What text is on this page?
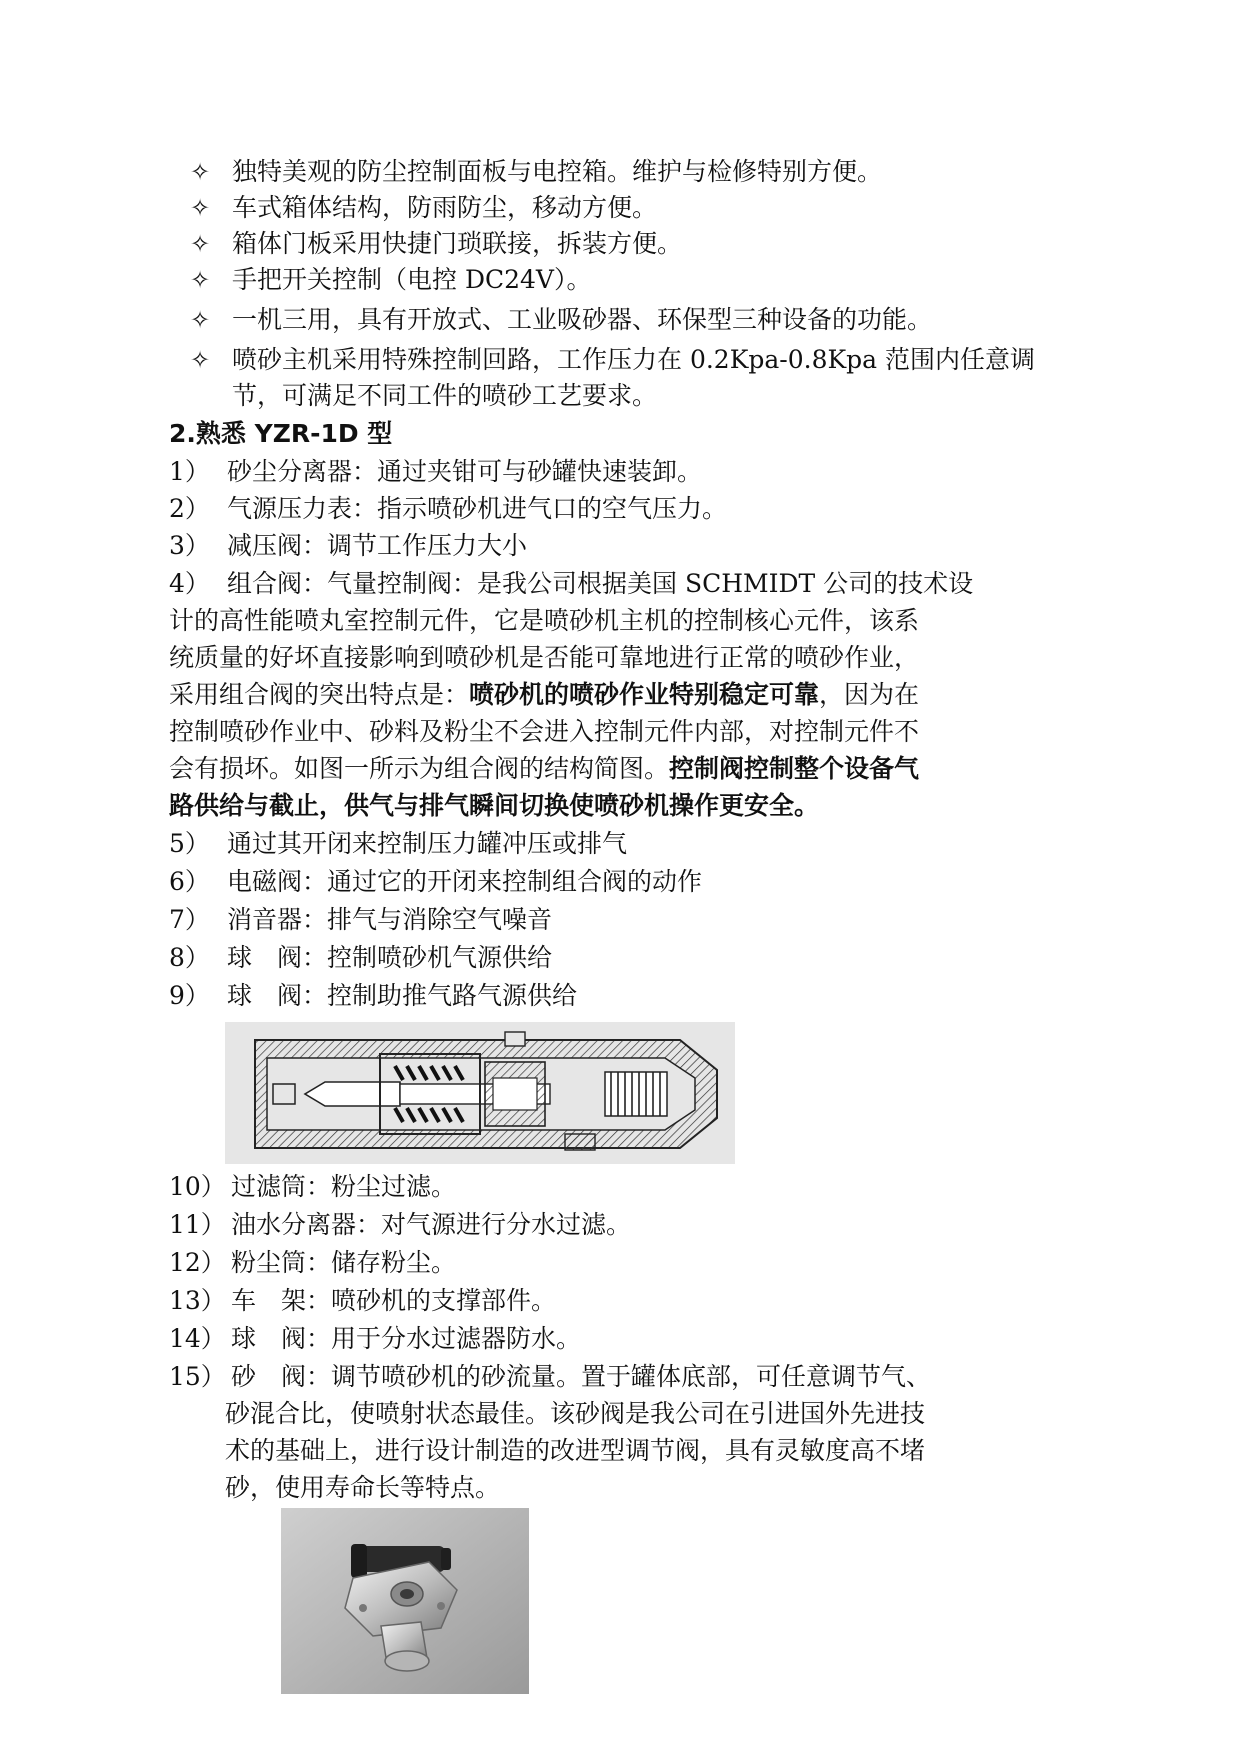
✧ 独特美观的防尘控制面板与电控箱。维护与检修特别方便。
✧ 车式箱体结构，防雨防尘，移动方便。
✧ 箱体门板采用快捷门琐联接，拆装方便。
✧ 手把开关控制（电控 DC24V）。
✧ 一机三用，具有开放式、工业吸砂器、环保型三种设备的功能。
✧ 喷砂主机采用特殊控制回路，工作压力在 0.2Kpa-0.8Kpa 范围内任意调
节，可满足不同工件的喷砂工艺要求。
2.熟悉 YZR-1D 型
1） 砂尘分离器：通过夹钳可与砂罐快速装卸。
2） 气源压力表：指示喷砂机进气口的空气压力。
3） 减压阀：调节工作压力大小
4） 组合阀：气量控制阀：是我公司根据美国 SCHMIDT 公司的技术设
计的高性能喷丸室控制元件，它是喷砂机主机的控制核心元件，该系
统质量的好坏直接影响到喷砂机是否能可靠地进行正常的喷砂作业，
采用组合阀的突出特点是：喷砂机的喷砂作业特别稳定可靠，因为在
控制喷砂作业中、砂料及粉尘不会进入控制元件内部，对控制元件不
会有损坏。如图一所示为组合阀的结构简图。控制阀控制整个设备气
路供给与截止，供气与排气瞬间切换使喷砂机操作更安全。
5） 通过其开闭来控制压力罐冲压或排气
6） 电磁阀：通过它的开闭来控制组合阀的动作
7） 消音器：排气与消除空气噪音
8） 球　阀：控制喷砂机气源供给
9） 球　阀：控制助推气路气源供给
10） 过滤筒：粉尘过滤。
11） 油水分离器：对气源进行分水过滤。
12） 粉尘筒：储存粉尘。
13） 车　架：喷砂机的支撑部件。
14） 球　阀：用于分水过滤器防水。
15） 砂　阀：调节喷砂机的砂流量。置于罐体底部，可任意调节气、
砂混合比，使喷射状态最佳。该砂阀是我公司在引进国外先进技
术的基础上，进行设计制造的改进型调节阀，具有灵敏度高不堵
砂，使用寿命长等特点。
